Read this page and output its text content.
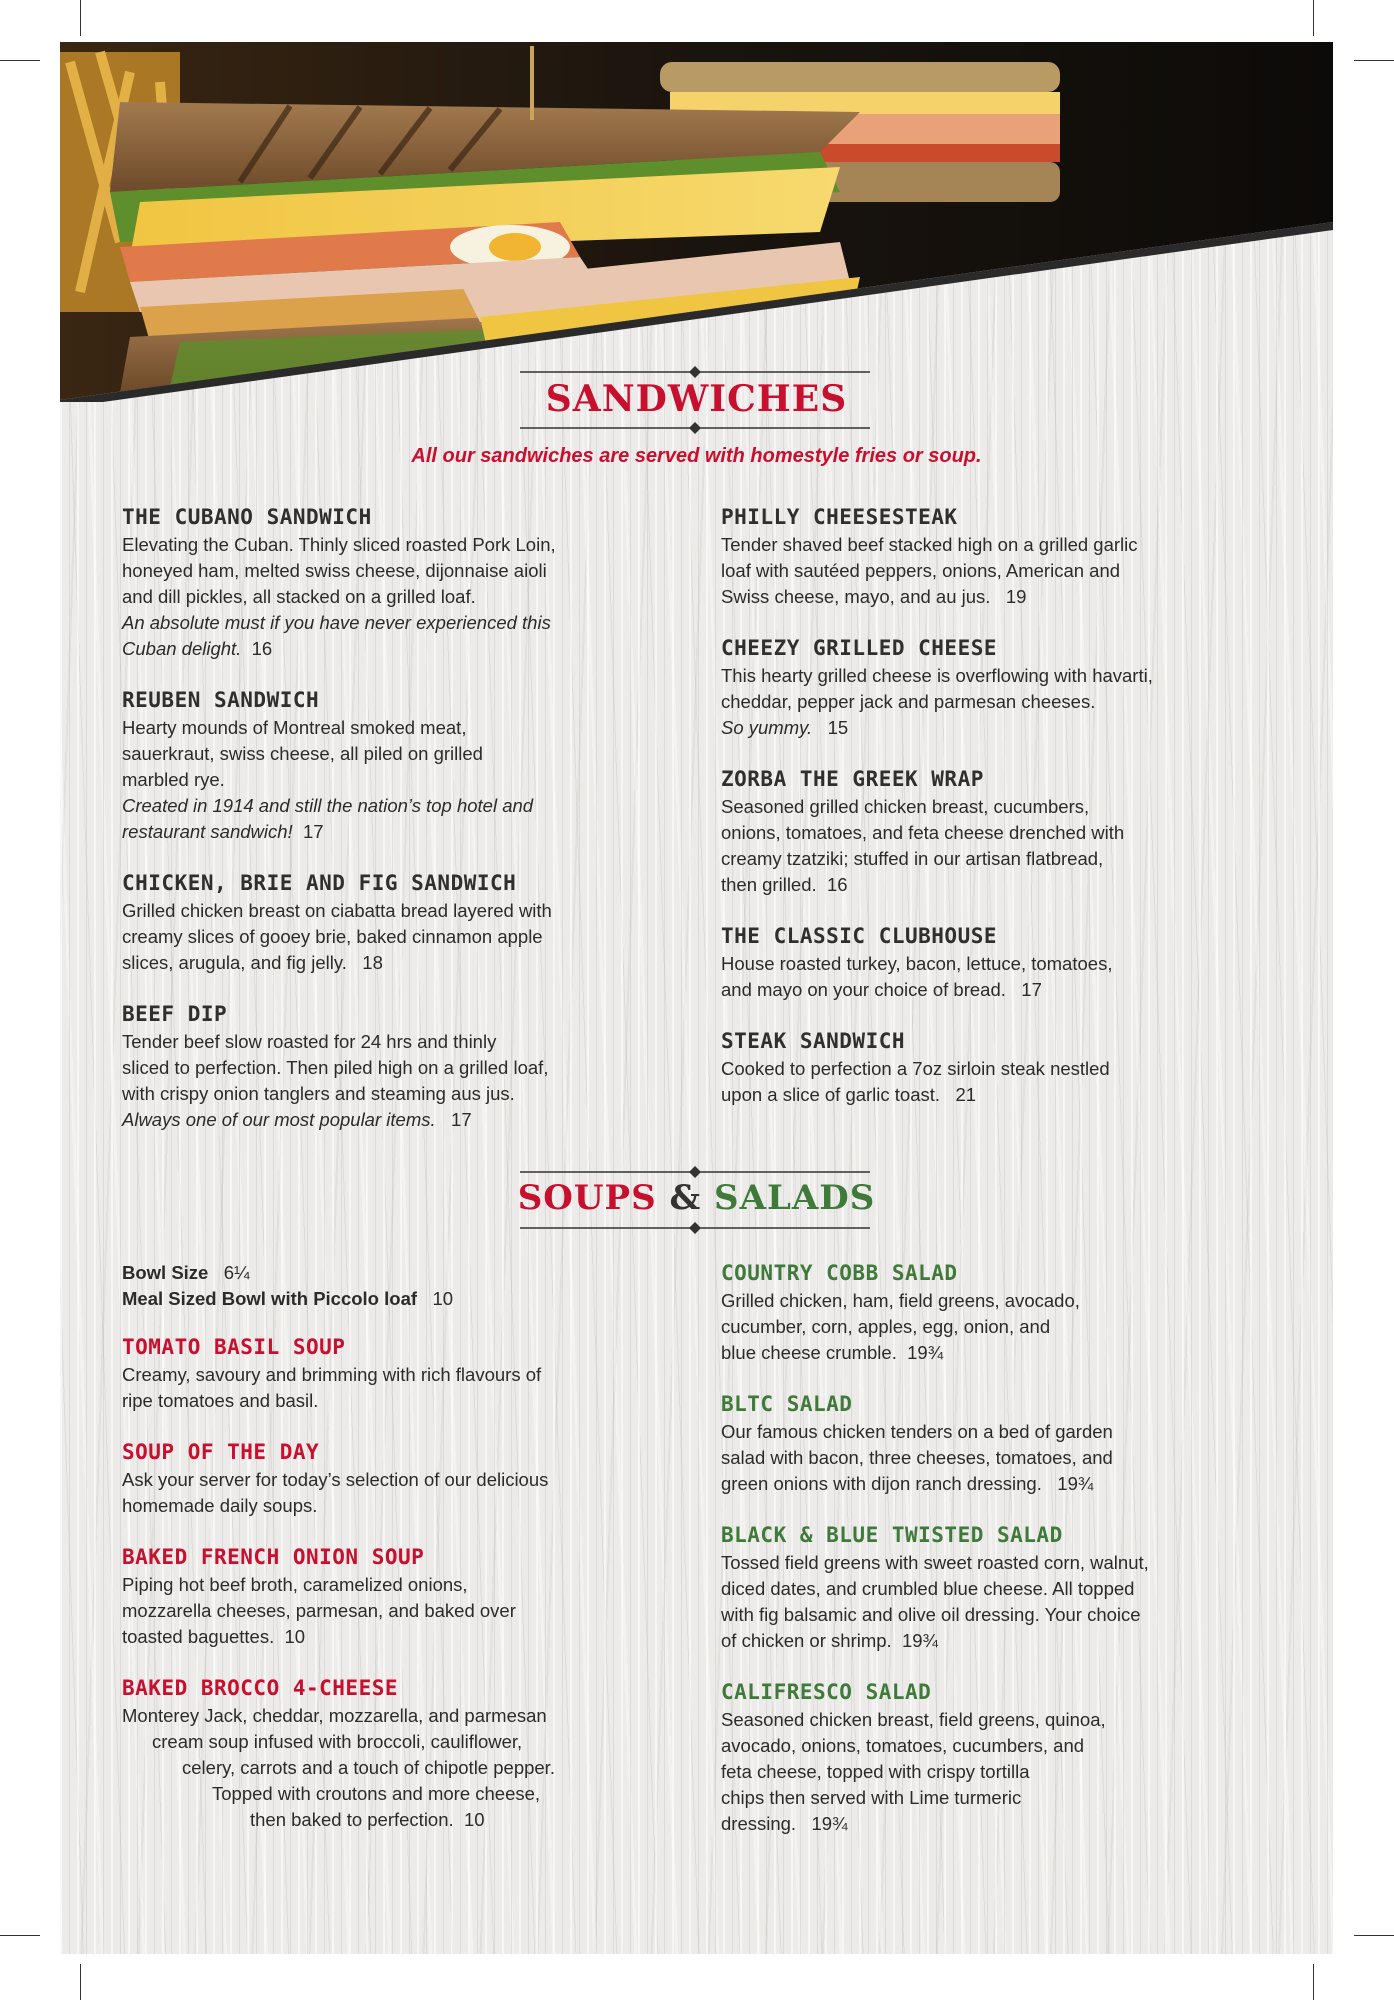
SANDWICHES
All our sandwiches are served with homestyle fries or soup.
THE CUBANO SANDWICH
Elevating the Cuban. Thinly sliced roasted Pork Loin,
honeyed ham, melted swiss cheese, dijonnaise aioli
and dill pickles, all stacked on a grilled loaf.
An absolute must if you have never experienced this
Cuban delight. 16
REUBEN SANDWICH
Hearty mounds of Montreal smoked meat,
sauerkraut, swiss cheese, all piled on grilled
marbled rye.
Created in 1914 and still the nation’s top hotel and
restaurant sandwich! 17
CHICKEN, BRIE AND FIG SANDWICH
Grilled chicken breast on ciabatta bread layered with
creamy slices of gooey brie, baked cinnamon apple
slices, arugula, and fig jelly. 18
BEEF DIP
Tender beef slow roasted for 24 hrs and thinly
sliced to perfection. Then piled high on a grilled loaf,
with crispy onion tanglers and steaming aus jus.
Always one of our most popular items. 17
PHILLY CHEESESTEAK
Tender shaved beef stacked high on a grilled garlic
loaf with sautéed peppers, onions, American and
Swiss cheese, mayo, and au jus. 19
CHEEZY GRILLED CHEESE
This hearty grilled cheese is overflowing with havarti,
cheddar, pepper jack and parmesan cheeses.
So yummy. 15
ZORBA THE GREEK WRAP
Seasoned grilled chicken breast, cucumbers,
onions, tomatoes, and feta cheese drenched with
creamy tzatziki; stuffed in our artisan flatbread,
then grilled. 16
THE CLASSIC CLUBHOUSE
House roasted turkey, bacon, lettuce, tomatoes,
and mayo on your choice of bread. 17
STEAK SANDWICH
Cooked to perfection a 7oz sirloin steak nestled
upon a slice of garlic toast. 21
SOUPS & SALADS
Bowl Size 6¼
Meal Sized Bowl with Piccolo loaf 10
TOMATO BASIL SOUP
Creamy, savoury and brimming with rich flavours of
ripe tomatoes and basil.
SOUP OF THE DAY
Ask your server for today’s selection of our delicious
homemade daily soups.
BAKED FRENCH ONION SOUP
Piping hot beef broth, caramelized onions,
mozzarella cheeses, parmesan, and baked over
toasted baguettes. 10
BAKED BROCCO 4-CHEESE
Monterey Jack, cheddar, mozzarella, and parmesan
cream soup infused with broccoli, cauliflower,
celery, carrots and a touch of chipotle pepper.
Topped with croutons and more cheese,
then baked to perfection. 10
COUNTRY COBB SALAD
Grilled chicken, ham, field greens, avocado,
cucumber, corn, apples, egg, onion, and
blue cheese crumble. 19¾
BLTC SALAD
Our famous chicken tenders on a bed of garden
salad with bacon, three cheeses, tomatoes, and
green onions with dijon ranch dressing. 19¾
BLACK & BLUE TWISTED SALAD
Tossed field greens with sweet roasted corn, walnut,
diced dates, and crumbled blue cheese. All topped
with fig balsamic and olive oil dressing. Your choice
of chicken or shrimp. 19¾
CALIFRESCO SALAD
Seasoned chicken breast, field greens, quinoa,
avocado, onions, tomatoes, cucumbers, and
feta cheese, topped with crispy tortilla
chips then served with Lime turmeric
dressing. 19¾
